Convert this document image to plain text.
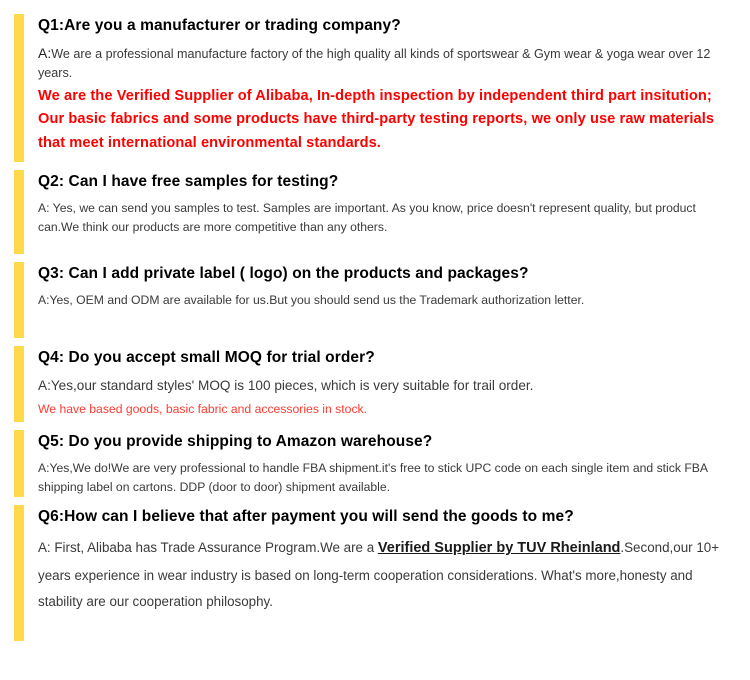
Q1:Are you a manufacturer or trading company?
A:We are a professional manufacture factory of the high quality all kinds of sportswear & Gym wear & yoga wear over 12 years.
We are the Verified Supplier of Alibaba, In-depth inspection by independent third part insitution; Our basic fabrics and some products have third-party testing reports, we only use raw materials that meet international environmental standards.
Q2: Can I have free samples for testing?
A: Yes, we can send you samples to test. Samples are important. As you know, price doesn't represent quality, but product can.We think our products are more competitive than any others.
Q3: Can I add private label ( logo) on the products and packages?
A:Yes, OEM and ODM are available for us.But you should send us the Trademark authorization letter.
Q4: Do you accept small MOQ for trial order?
A:Yes,our standard styles' MOQ is 100 pieces, which is very suitable for trail order.
We have based goods, basic fabric and accessories in stock.
Q5: Do you provide shipping to Amazon warehouse?
A:Yes,We do!We are very professional to handle FBA shipment.it's free to stick UPC code on each single item and stick FBA shipping label on cartons. DDP (door to door) shipment available.
Q6:How can I believe that after payment you will send the goods to me?
A: First, Alibaba has Trade Assurance Program.We are a Verified Supplier by TUV Rheinland.Second,our 10+ years experience in wear industry is based on long-term cooperation considerations. What's more,honesty and stability are our cooperation philosophy.
